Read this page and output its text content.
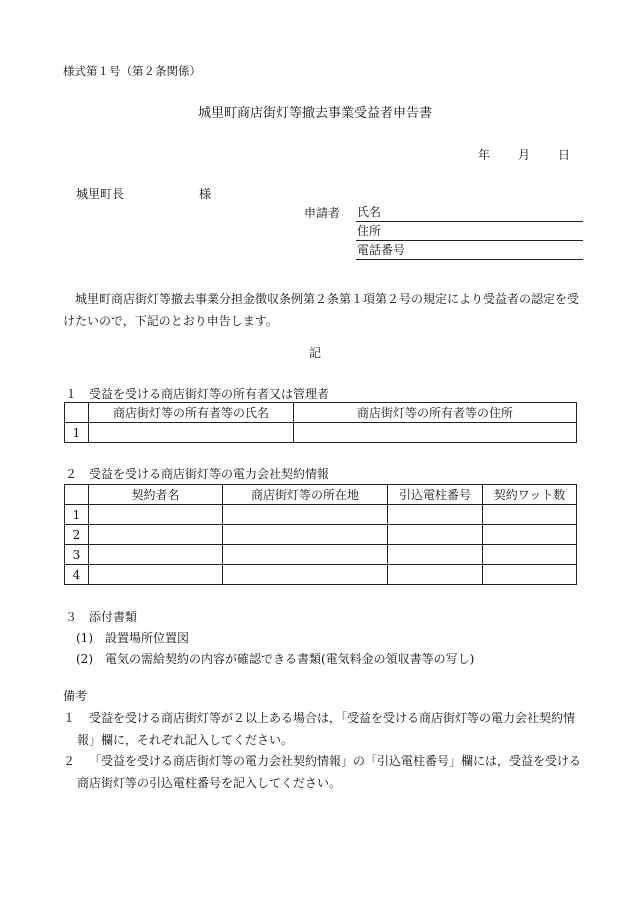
様式第１号（第２条関係）
城里町商店街灯等撤去事業受益者申告書
年 月 日
城里町長	様
申請者 氏名
住所
電話番号
城里町商店街灯等撤去事業分担金徴収条例第２条第１項第２号の規定により受益者の認定を受けたいので，下記のとおり申告します。
記
１　受益を受ける商店街灯等の所有者又は管理者
	商店街灯等の所有者等の氏名	商店街灯等の所有者等の住所
1		
２　受益を受ける商店街灯等の電力会社契約情報
	契約者名	商店街灯等の所在地	引込電柱番号	契約ワット数
1				
2				
3				
4				
３　添付書類
(1)　設置場所位置図
(2)　電気の需給契約の内容が確認できる書類(電気料金の領収書等の写し)
備考
１	受益を受ける商店街灯等が２以上ある場合は，「受益を受ける商店街灯等の電力会社契約情報」欄に，それぞれ記入してください。
２	「受益を受ける商店街灯等の電力会社契約情報」の「引込電柱番号」欄には，受益を受ける商店街灯等の引込電柱番号を記入してください。
